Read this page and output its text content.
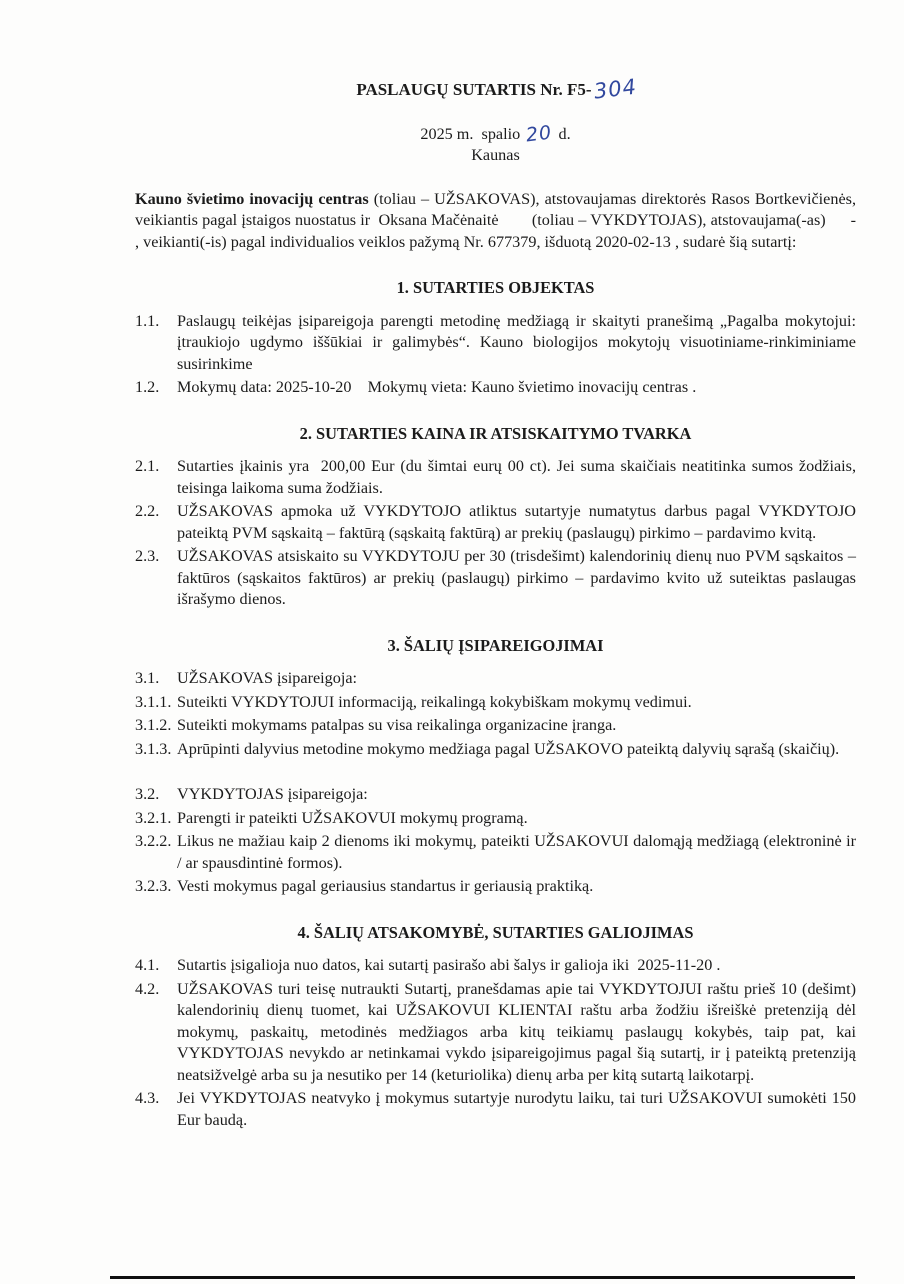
PASLAUGŲ SUTARTIS Nr. F5-304
2025 m.  spalio 20 d.
Kaunas

Kauno švietimo inovacijų centras (toliau – UŽSAKOVAS), atstovaujamas direktorės Rasos Bortkevičienės, veikiantis pagal įstaigos nuostatus ir  Oksana Mačėnaitė        (toliau – VYKDYTOJAS), atstovaujama(-as)      -     , veikianti(-is) pagal individualios veiklos pažymą Nr. 677379, išduotą 2020-02-13 , sudarė šią sutartį:

1. SUTARTIES OBJEKTAS
1.1.	Paslaugų teikėjas įsipareigoja parengti metodinę medžiagą ir skaityti pranešimą „Pagalba mokytojui: įtraukiojo ugdymo iššūkiai ir galimybės“. Kauno biologijos mokytojų visuotiniame-rinkiminiame susirinkime
1.2.	Mokymų data: 2025-10-20    Mokymų vieta: Kauno švietimo inovacijų centras .
2. SUTARTIES KAINA IR ATSISKAITYMO TVARKA
2.1.	Sutarties įkainis yra  200,00 Eur (du šimtai eurų 00 ct). Jei suma skaičiais neatitinka sumos žodžiais, teisinga laikoma suma žodžiais.
2.2.	UŽSAKOVAS apmoka už VYKDYTOJO atliktus sutartyje numatytus darbus pagal VYKDYTOJO pateiktą PVM sąskaitą – faktūrą (sąskaitą faktūrą) ar prekių (paslaugų) pirkimo – pardavimo kvitą.
2.3.	UŽSAKOVAS atsiskaito su VYKDYTOJU per 30 (trisdešimt) kalendorinių dienų nuo PVM sąskaitos – faktūros (sąskaitos faktūros) ar prekių (paslaugų) pirkimo – pardavimo kvito už suteiktas paslaugas išrašymo dienos.
3. ŠALIŲ ĮSIPAREIGOJIMAI
3.1.	UŽSAKOVAS įsipareigoja:
3.1.1. Suteikti VYKDYTOJUI informaciją, reikalingą kokybiškam mokymų vedimui.
3.1.2. Suteikti mokymams patalpas su visa reikalinga organizacine įranga.
3.1.3. Aprūpinti dalyvius metodine mokymo medžiaga pagal UŽSAKOVO pateiktą dalyvių sąrašą (skaičių).
3.2.	VYKDYTOJAS įsipareigoja:
3.2.1. Parengti ir pateikti UŽSAKOVUI mokymų programą.
3.2.2. Likus ne mažiau kaip 2 dienoms iki mokymų, pateikti UŽSAKOVUI dalomąją medžiagą (elektroninė ir / ar spausdintinė formos).
3.2.3. Vesti mokymus pagal geriausius standartus ir geriausią praktiką.
4. ŠALIŲ ATSAKOMYBĖ, SUTARTIES GALIOJIMAS
4.1.	Sutartis įsigalioja nuo datos, kai sutartį pasirašo abi šalys ir galioja iki  2025-11-20 .
4.2.	UŽSAKOVAS turi teisę nutraukti Sutartį, pranešdamas apie tai VYKDYTOJUI raštu prieš 10 (dešimt) kalendorinių dienų tuomet, kai UŽSAKOVUI KLIENTAI raštu arba žodžiu išreiškė pretenziją dėl mokymų, paskaitų, metodinės medžiagos arba kitų teikiamų paslaugų kokybės, taip pat, kai VYKDYTOJAS nevykdo ar netinkamai vykdo įsipareigojimus pagal šią sutartį, ir į pateiktą pretenziją neatsižvelgė arba su ja nesutiko per 14 (keturiolika) dienų arba per kitą sutartą laikotarpį.
4.3.	Jei VYKDYTOJAS neatvyko į mokymus sutartyje nurodytu laiku, tai turi UŽSAKOVUI sumokėti 150 Eur baudą.
